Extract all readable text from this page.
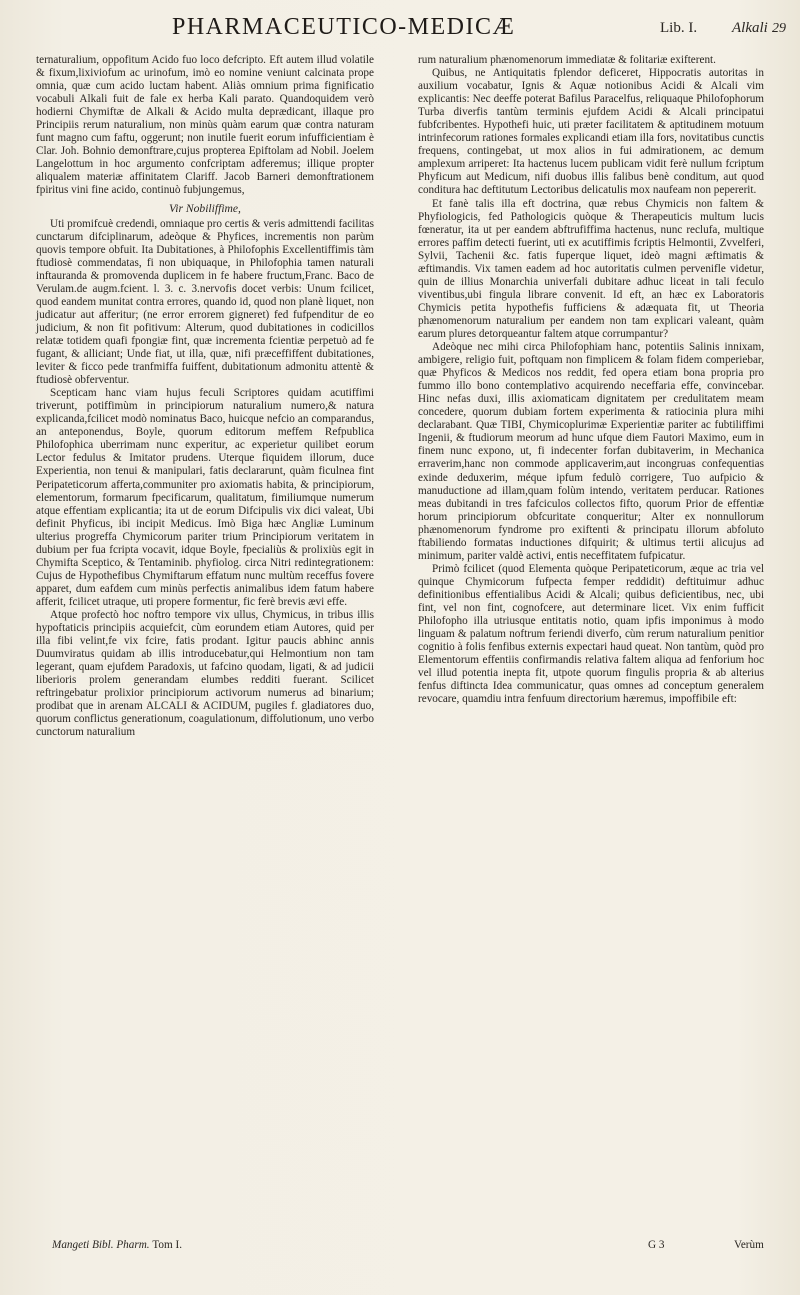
PHARMACEUTICO-MEDICÆ	Lib. I. Alkali 29

ternaturalium, oppofitum Acido fuo loco defcripto. Eft autem illud volatile & fixum,lixiviofum ac urinofum, imò eo nomine veniunt calcinata prope omnia, quæ cum acido luctam habent. Aliàs omnium prima fignificatio vocabuli Alkali fuit de fale ex herba Kali parato. Quandoquidem verò hodierni Chymiftæ de Alkali & Acido multa deprædicant, illaque pro Principiis rerum naturalium, non minùs quàm earum quæ contra naturam funt magno cum faftu, oggerunt; non inutile fuerit eorum infufficientiam è Clar. Joh. Bohnio demonftrare,cujus propterea Epiftolam ad Nobil. Joelem Langelottum in hoc argumento confcriptam adferemus; illique propter aliqualem materiæ affinitatem Clariff. Jacob Barneri demonftrationem fpiritus vini fine acido, continuò fubjungemus,

Vir Nobiliffime,

Uti promifcuè credendi, omniaque pro certis & veris admittendi facilitas cunctarum difciplinarum, adeòque & Phyfices, incrementis non parùm quovis tempore obfuit. Ita Dubitationes, à Philofophis Excellentiffimis tàm ftudiosè commendatas, fi non ubiquaque, in Philofophia tamen naturali inftauranda & promovenda duplicem in fe habere fructum,Franc. Baco de Verulam.de augm.fcient. l. 3. c. 3.nervofis docet verbis: Unum fcilicet, quod eandem munitat contra errores, quando id, quod non planè liquet, non judicatur aut afferitur; (ne error errorem gigneret) fed fufpenditur de eo judicium, & non fit pofitivum: Alterum, quod dubitationes in codicillos relatæ totidem quafi fpongiæ fint, quæ incrementa fcientiæ perpetuò ad fe fugant, & alliciant; Unde fiat, ut illa, quæ, nifi præceffiffent dubitationes, leviter & ficco pede tranfmiffa fuiffent, dubitationum admonitu attentè & ftudiosè obferventur.

Scepticam hanc viam hujus feculi Scriptores quidam acutiffimi triverunt, potiffimùm in principiorum naturalium numero,& natura explicanda,fcilicet modò nominatus Baco, huicque nefcio an comparandus, an anteponendus, Boyle, quorum editorum meffem Refpublica Philofophica uberrimam nunc experitur, ac experietur quilibet eorum Lector fedulus & Imitator prudens. Uterque fiquidem illorum, duce Experientia, non tenui & manipulari, fatis declararunt, quàm ficulnea fint Peripateticorum afferta,communiter pro axiomatis habita, & principiorum, elementorum, formarum fpecificarum, qualitatum, fimiliumque numerum atque effentiam explicantia; ita ut de eorum Difcipulis vix dici valeat, Ubi definit Phyficus, ibi incipit Medicus. Imò Biga hæc Angliæ Luminum ulterius progreffa Chymicorum pariter trium Principiorum veritatem in dubium per fua fcripta vocavit, idque Boyle, fpecialiùs & prolixiùs egit in Chymifta Sceptico, & Tentaminib. phyfiolog. circa Nitri redintegrationem: Cujus de Hypothefibus Chymiftarum effatum nunc multùm receffus fovere apparet, dum eafdem cum minùs perfectis animalibus idem fatum habere afferit, fcilicet utraque, uti propere formentur, fic ferè brevis ævi effe.

Atque profectò hoc noftro tempore vix ullus, Chymicus, in tribus illis hypoftaticis principiis acquiefcit, cùm eorundem etiam Autores, quid per illa fibi velint,fe vix fcire, fatis prodant. Igitur paucis abhinc annis Duumviratus quidam ab illis introducebatur,qui Helmontium non tam legerant, quam ejufdem Paradoxis, ut fafcino quodam, ligati, & ad judicii liberioris prolem generandam elumbes redditi fuerant. Scilicet reftringebatur prolixior principiorum activorum numerus ad binarium; prodibat que in arenam ALCALI & ACIDUM, pugiles f. gladiatores duo, quorum conflictus generationum, coagulationum, diffolutionum, uno verbo cunctorum naturalium

rum naturalium phænomenorum immediatæ & folitariæ exifterent.

Quibus, ne Antiquitatis fplendor deficeret, Hippocratis autoritas in auxilium vocabatur, Ignis & Aquæ notionibus Acidi & Alcali vim explicantis: Nec deeffe poterat Bafilus Paracelfus, reliquaque Philofophorum Turba diverfis tantùm terminis ejufdem Acidi & Alcali principatui fubfcribentes. Hypothefi huic, uti præter facilitatem & aptitudinem motuum intrinfecorum rationes formales explicandi etiam illa fors, novitatibus cunctis frequens, contingebat, ut mox alios in fui admirationem, ac demum amplexum arriperet: Ita hactenus lucem publicam vidit ferè nullum fcriptum Phyficum aut Medicum, nifi duobus illis falibus benè conditum, aut quod conditura hac deftitutum Lectoribus delicatulis mox naufeam non pepererit.

Et fanè talis illa eft doctrina, quæ rebus Chymicis non faltem & Phyfiologicis, fed Pathologicis quòque & Therapeuticis multum lucis fœneratur, ita ut per eandem abftrufiffima hactenus, nunc reclufa, multique errores paffim detecti fuerint, uti ex acutiffimis fcriptis Helmontii, Zvvelferi, Sylvii, Tachenii &c. fatis fuperque liquet, ideò magni æftimatis & æftimandis. Vix tamen eadem ad hoc autoritatis culmen pervenifle videtur, quin de illius Monarchia univerfali dubitare adhuc liceat in tali feculo viventibus,ubi fingula librare convenit. Id eft, an hæc ex Laboratoris Chymicis petita hypothefis fufficiens & adæquata fit, ut Theoria phænomenorum naturalium per eandem non tam explicari valeant, quàm earum plures detorqueantur faltem atque corrumpantur?

Adeòque nec mihi circa Philofophiam hanc, potentiis Salinis innixam, ambigere, religio fuit, poftquam non fimplicem & folam fidem comperiebar, quæ Phyficos & Medicos nos reddit, fed opera etiam bona propria pro fummo illo bono contemplativo acquirendo neceffaria effe, convincebar. Hinc nefas duxi, illis axiomaticam dignitatem per credulitatem meam concedere, quorum dubiam fortem experimenta & ratiocinia plura mihi declarabant. Quæ TIBI, Chymicoplurimæ Experientiæ pariter ac fubtiliffimi Ingenii, & ftudiorum meorum ad hunc ufque diem Fautori Maximo, eum in finem nunc expono, ut, fi indecenter forfan dubitaverim, in Mechanica erraverim,hanc non commode applicaverim,aut incongruas confequentias exinde deduxerim, méque ipfum fedulò corrigere, Tuo aufpicio & manuductione ad illam,quam folùm intendo, veritatem perducar. Rationes meas dubitandi in tres fafciculos collectos fifto, quorum Prior de effentiæ horum principiorum obfcuritate conqueritur; Alter ex nonnullorum phænomenorum fyndrome pro exiftenti & principatu illorum abfoluto ftabiliendo formatas inductiones difquirit; & ultimus tertii alicujus ad minimum, pariter valdè activi, entis neceffitatem fufpicatur.

Primò fcilicet (quod Elementa quòque Peripateticorum, æque ac tria vel quinque Chymicorum fufpecta femper reddidit) deftituimur adhuc definitionibus effentialibus Acidi & Alcali; quibus deficientibus, nec, ubi fint, vel non fint, cognofcere, aut determinare licet. Vix enim fufficit Philofopho illa utriusque entitatis notio, quam ipfis imponimus à modo linguam & palatum noftrum feriendi diverfo, cùm rerum naturalium penitior cognitio à folis fenfibus externis expectari haud queat. Non tantùm, quòd pro Elementorum effentiis confirmandis relativa faltem aliqua ad fenforium hoc vel illud potentia inepta fit, utpote quorum fingulis propria & ab alterius fenfus diftincta Idea communicatur, quas omnes ad conceptum generalem revocare, quamdiu intra fenfuum directorium hæremus, impoffibile eft:

Mangeti Bibl. Pharm. Tom I.	G 3	Verùm
